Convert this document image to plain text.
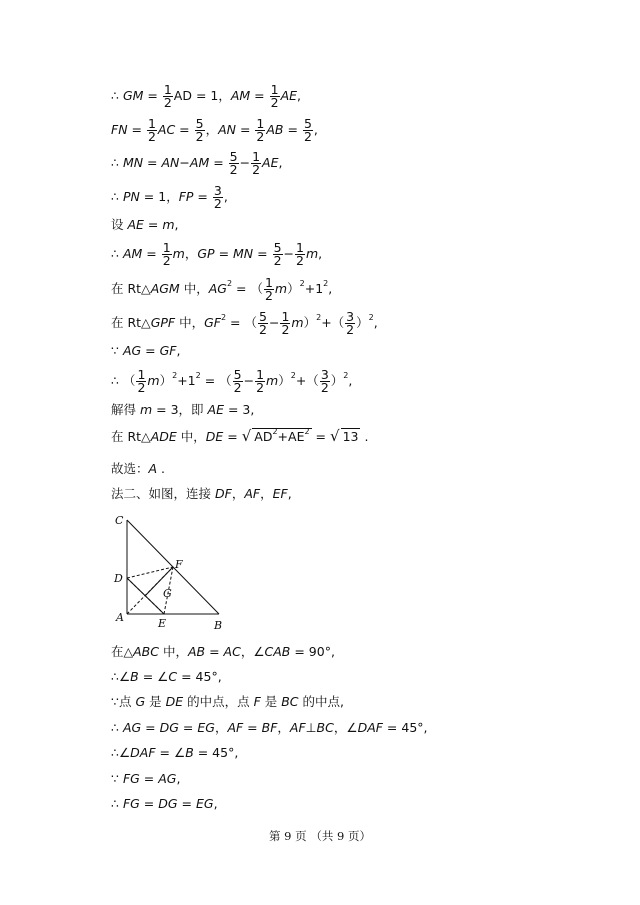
∴ GM = $\frac{1}{2}$ AD = 1，AM = $\frac{1}{2}$ AE,
FN = $\frac{1}{2}$ AC = $\frac{5}{2}$ ，AN = $\frac{1}{2}$ AB = $\frac{5}{2}$ ,
∴ MN = $AN-AM = \frac{5}{2} - \frac{1}{2}$ AE,
∴ PN = 1，FP = $\frac{3}{2}$ ,
设 AE = m,
∴ AM = $\frac{1}{2}$ m，GP = MN = $\frac{5}{2} - \frac{1}{2} m$,
在 Rt△AGM 中，$AG^2$ = （ $\frac{1}{2} m)^2+1^2$,
在 Rt△GPF 中，$GF^2$ = （ $\frac{5}{2} - \frac{1}{2} m)^2+( \frac{3}{2} )^2$,
∵ AG = GF,
∴ （ $\frac{1}{2} m)^2+1^2$ = （ $\frac{5}{2} - \frac{1}{2} m)^2+( \frac{3}{2} )^2$,
解得 m = 3，即 AE = 3,
在 Rt△ADE 中，DE = √ $AD^2+AE^2$ = √ 13 .
故选：A .
法二、如图，连接 DF，AF，EF,
C
D
F
G
A	E	B
在△ABC 中，AB = AC，∠CAB = 90°,
∴∠B = ∠C = 45°,
∵点 G 是 DE 的中点，点 F 是 BC 的中点,
∴ AG = DG = EG，AF = BF，AF⊥BC，∠DAF = 45°,
∴∠DAF = ∠B = 45°,
∵ FG = AG,
∴ FG = DG = EG,
第 9 页 （共 9 页）
